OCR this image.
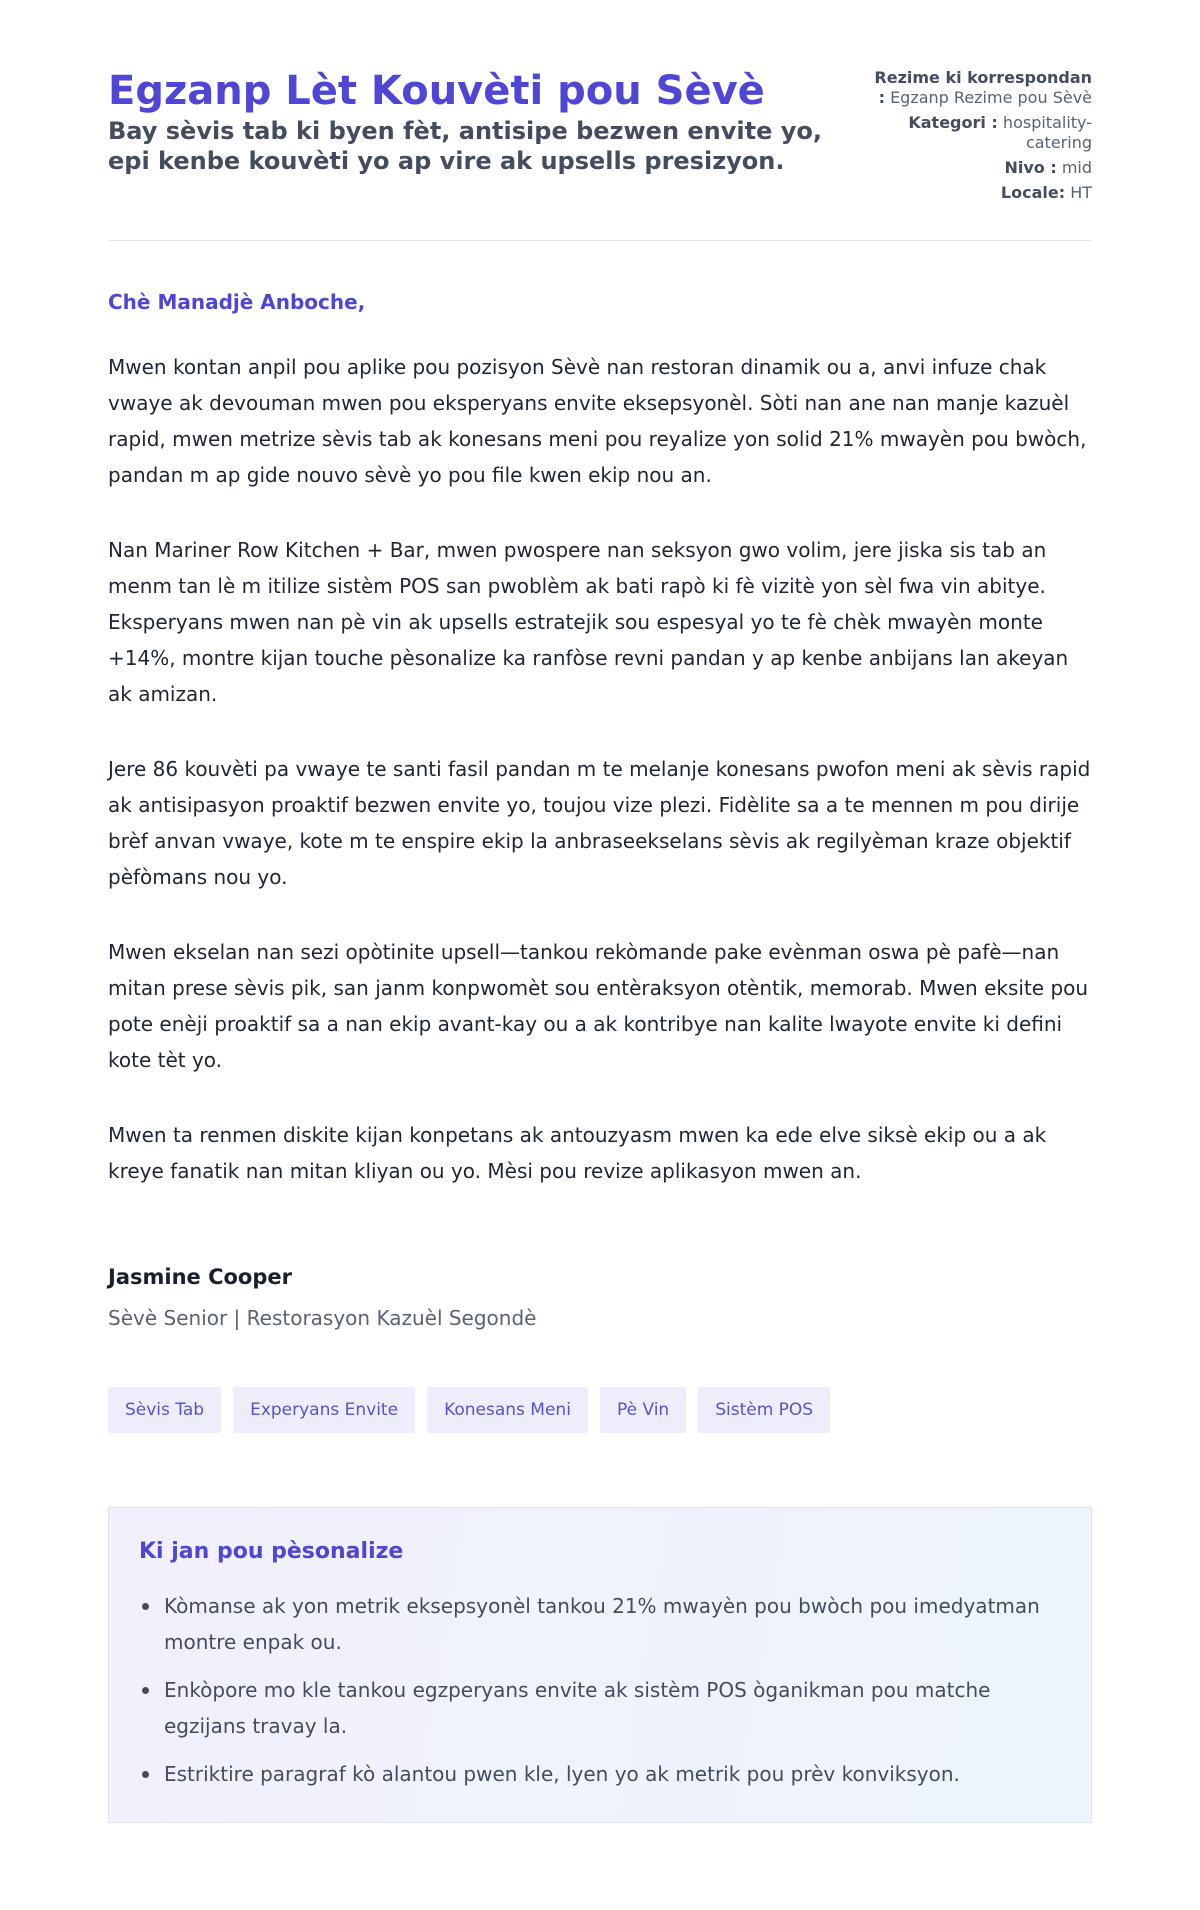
Egzanp Lèt Kouvèti pou Sèvè
Bay sèvis tab ki byen fèt, antisipe bezwen envite yo, epi kenbe kouvèti yo ap vire ak upsells presizyon.
Rezime ki korrespondan : Egzanp Rezime pou Sèvè
Kategori : hospitality-catering
Nivo : mid
Locale: HT
Chè Manadjè Anboche,

Mwen kontan anpil pou aplike pou pozisyon Sèvè nan restoran dinamik ou a, anvi infuze chak vwaye ak devouman mwen pou eksperyans envite eksepsyonèl. Sòti nan ane nan manje kazuèl rapid, mwen metrize sèvis tab ak konesans meni pou reyalize yon solid 21% mwayèn pou bwòch, pandan m ap gide nouvo sèvè yo pou file kwen ekip nou an.

Nan Mariner Row Kitchen + Bar, mwen pwospere nan seksyon gwo volim, jere jiska sis tab an menm tan lè m itilize sistèm POS san pwoblèm ak bati rapò ki fè vizitè yon sèl fwa vin abitye. Eksperyans mwen nan pè vin ak upsells estratejik sou espesyal yo te fè chèk mwayèn monte +14%, montre kijan touche pèsonalize ka ranfòse revni pandan y ap kenbe anbijans lan akeyan ak amizan.

Jere 86 kouvèti pa vwaye te santi fasil pandan m te melanje konesans pwofon meni ak sèvis rapid ak antisipasyon proaktif bezwen envite yo, toujou vize plezi. Fidèlite sa a te mennen m pou dirije brèf anvan vwaye, kote m te enspire ekip la anbraseekselans sèvis ak regilyèman kraze objektif pèfòmans nou yo.

Mwen ekselan nan sezi opòtinite upsell—tankou rekòmande pake evènman oswa pè pafè—nan mitan prese sèvis pik, san janm konpwomèt sou entèraksyon otèntik, memorab. Mwen eksite pou pote enèji proaktif sa a nan ekip avant-kay ou a ak kontribye nan kalite lwayote envite ki defini kote tèt yo.

Mwen ta renmen diskite kijan konpetans ak antouzyasm mwen ka ede elve siksè ekip ou a ak kreye fanatik nan mitan kliyan ou yo. Mèsi pou revize aplikasyon mwen an.

Jasmine Cooper
Sèvè Senior | Restorasyon Kazuèl Segondè
Sèvis Tab	Experyans Envite	Konesans Meni	Pè Vin	Sistèm POS
Ki jan pou pèsonalize
Kòmanse ak yon metrik eksepsyonèl tankou 21% mwayèn pou bwòch pou imedyatman montre enpak ou.
Enkòpore mo kle tankou egzperyans envite ak sistèm POS òganikman pou matche egzijans travay la.
Estriktire paragraf kò alantou pwen kle, lyen yo ak metrik pou prèv konviksyon.
